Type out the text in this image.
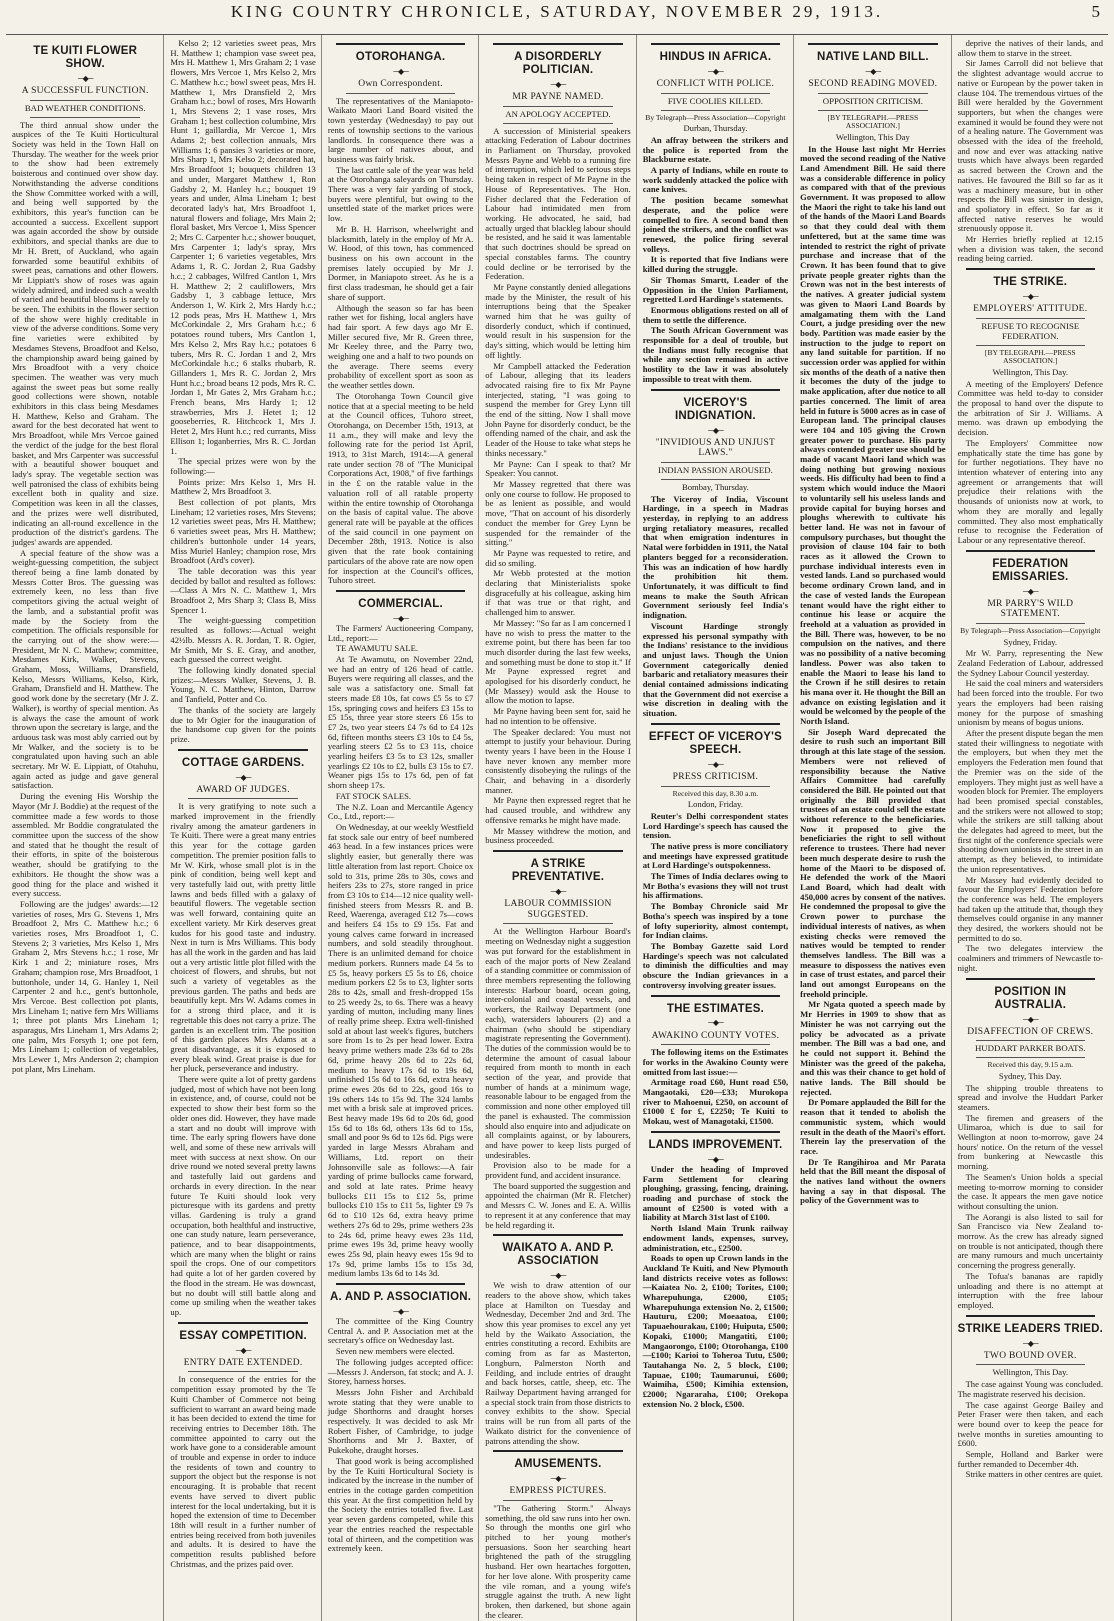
KING COUNTRY CHRONICLE, SATURDAY, NOVEMBER 29, 1913.	5
TE KUITI FLOWER SHOW.
─◆─
A SUCCESSFUL FUNCTION.
BAD WEATHER CONDITIONS.

The third annual show under the auspices of the Te Kuiti Horticultural Society was held in the Town Hall on Thursday. The weather for the week prior to the show had been extremely boisterous and continued over show day. Notwithstanding the adverse conditions the Show Committee worked with a will, and being well supported by the exhibitors, this year's function can be accounted a success. Excellent support was again accorded the show by outside exhibitors, and special thanks are due to Mr H. Brett, of Auckland, who again forwarded some beautiful exhibits of sweet peas, carnations and other flowers. Mr Lippiatt's show of roses was again widely admired, and indeed such a wealth of varied and beautiful blooms is rarely to be seen. The exhibits in the flower section of the show were highly creditable in view of the adverse conditions. Some very fine varieties were exhibited by Mesdames Stevens, Broadfoot and Kelso, the championship award being gained by Mrs Broadfoot with a very choice specimen. The weather was very much against the sweet peas but some really good collections were shown, notable exhibitors in this class being Mesdames H. Matthew, Kelso and Graham. The award for the best decorated hat went to Mrs Broadfoot, while Mrs Vercoe gained the verdict of the judge for the best floral basket, and Mrs Carpenter was successful with a beautiful shower bouquet and lady's spray. The vegetable section was well patronised the class of exhibits being excellent both in quality and size. Competition was keen in all the classes, and the prizes were well distributed, indicating an all-round excellence in the production of the district's gardens. The judges' awards are appended.

A special feature of the show was a weight-guessing competition, the subject thereof being a fine lamb donated by Messrs Cotter Bros. The guessing was extremely keen, no less than five competitors giving the actual weight of the lamb, and a substantial profit was made by the Society from the competition. The officials responsible for the carrying out of the show were:—President, Mr N. C. Matthew; committee, Mesdames Kirk, Walker, Stevens, Graham, Moss, Williams, Dransfield, Kelso, Messrs Williams, Kelso, Kirk, Graham, Dransfield and H. Matthew. The good work done by the secretary (Mr J. Z. Walker), is worthy of special mention. As is always the case the amount of work thrown upon the secretary is large, and the arduous task was most ably carried out by Mr Walker, and the society is to be congratulated upon having such an able secretary. Mr W. E. Lippiatt, of Otahuhu, again acted as judge and gave general satisfaction.

During the evening His Worship the Mayor (Mr J. Boddie) at the request of the committee made a few words to those assembled. Mr Boddie congratulated the committee upon the success of the show and stated that he thought the result of their efforts, in spite of the boisterous weather, should be gratifying to the exhibitors. He thought the show was a good thing for the place and wished it every success.

Following are the judges' awards:—12 varieties of roses, Mrs G. Stevens 1, Mrs Broadfoot 2, Mrs C. Matthew h.c.; 6 varieties roses, Mrs Broadfoot 1, C. Stevens 2; 3 varieties, Mrs Kelso 1, Mrs Graham 2, Mrs Stevens h.c.; 1 rose, Mr Kirk 1 and 2; miniature roses, Mrs Graham; champion rose, Mrs Broadfoot, 1 buttonhole, under 14, G. Hanley 1, Neil Carpenter 2 and h.c., gent's buttonhole, Mrs Vercoe. Best collection pot plants, Mrs Lineham 1; native fern Mrs Williams 1; three pot plants Mrs Lineham 1; asparagus, Mrs Lineham 1, Mrs Adams 2; one palm, Mrs Forsyth 1; one pot fern, Mrs Lineham 1; collection of vegetables, Mrs Lewer 1, Mrs Anderson 2; champion pot plant, Mrs Lineham.

Kelso 2; 12 varieties sweet peas, Mrs H. Matthew 1; champion vase sweet pea, Mrs H. Matthew 1, Mrs Graham 2; 1 vase flowers, Mrs Vercoe 1, Mrs Kelso 2, Mrs C. Matthew h.c.; bowl sweet peas, Mrs H. Matthew 1, Mrs Dransfield 2, Mrs Graham h.c.; bowl of roses, Mrs Howarth 1, Mrs Stevens 2; 1 vase roses, Mrs Graham 1; best collection columbine, Mrs Hunt 1; gaillardia, Mr Vercoe 1, Mrs Adams 2; best collection annuals, Mrs Williams 1; 6 pansies 3 varieties or more, Mrs Sharp 1, Mrs Kelso 2; decorated hat, Mrs Broadfoot 1; bouquets children 13 and under, Margaret Matthew 1, Ron Gadsby 2, M. Hanley h.c.; bouquet 19 years and under, Alma Lineham 1; best decorated lady's hat, Mrs Broadfoot 1, natural flowers and foliage, Mrs Main 2; floral basket, Mrs Vercoe 1, Miss Spencer 2; Mrs C. Carpenter h.c.; shower bouquet, Mrs Carpenter 1; lady's spray, Mrs Carpenter 1; 6 varieties vegetables, Mrs Adams 1, R. C. Jordan 2, Rua Gadsby h.c.; 2 cabbages, Wilfred Cantlon 1, Mrs H. Matthew 2; 2 cauliflowers, Mrs Gadsby 1, 3 cabbage lettuce, Mrs Anderson 1, W. Kirk 2, Mrs Hardy h.c.; 12 pods peas, Mrs H. Matthew 1, Mrs McCorkindale 2, Mrs Graham h.c.; 6 potatoes round tubers, Mrs Cantlon 1, Mrs Kelso 2, Mrs Ray h.c.; potatoes 6 tubers, Mrs R. C. Jordan 1 and 2, Mrs McCorkindale h.c.; 6 stalks rhubarb, R. Gillanders 1, Mrs R. C. Jordan 2, Mrs Hunt h.c.; broad beans 12 pods, Mrs R. C. Jordan 1, Mr Gates 2, Mrs Graham h.c.; French beans, Mrs Hardy 1; 12 strawberries, Mrs J. Hetet 1; 12 gooseberries, R. Hitchcock 1, Mrs J. Hetet 2, Mrs Hunt h.c.; red currants, Miss Ellison 1; loganberries, Mrs R. C. Jordan 1.

The special prizes were won by the following:—

Points prize: Mrs Kelso 1, Mrs H. Matthew 2, Mrs Broadfoot 3.

Best collection of pot plants, Mrs Lineham; 12 varieties roses, Mrs Stevens; 12 varieties sweet peas, Mrs H. Matthew; 6 varieties sweet peas, Mrs H. Matthew; children's buttonhole under 14 years, Miss Muriel Hanley; champion rose, Mrs Broadfoot (Ard's cover).

The table decoration was this year decided by ballot and resulted as follows:—Class A Mrs N. C. Matthew 1, Mrs Broadfoot 2, Mrs Sharp 3; Class B, Miss Spencer 1.

The weight-guessing competition resulted as follows:—Actual weight 42½lb. Messrs A. R. Jordan, T. R. Ogier, Mr Smith, Mr S. E. Gray, and another, each guessed the correct weight.

The following kindly donated special prizes:—Messrs Walker, Stevens, J. B. Young, N. C. Matthew, Hinton, Darrow and Tanfield, Potter and Co.

The thanks of the society are largely due to Mr Ogier for the inauguration of the handsome cup given for the points prize.

COTTAGE GARDENS.
─◆─
AWARD OF JUDGES.

It is very gratifying to note such a marked improvement in the friendly rivalry among the amateur gardeners in Te Kuiti. There were a great many entries this year for the cottage garden competition. The premier position falls to Mr W. Kirk, whose small plot is in the pink of condition, being well kept and very tastefully laid out, with pretty little lawns and beds filled with a galaxy of beautiful flowers. The vegetable section was well forward, containing quite an excellent variety. Mr Kirk deserves great kudos for his good taste and industry. Next in turn is Mrs Williams. This body has all the work in the garden and has laid out a very artistic little plot filled with the choicest of flowers, and shrubs, but not such a variety of vegetables as the previous garden. The paths and beds are beautifully kept. Mrs W. Adams comes in for a strong third place, and it is regrettable this does not carry a prize. The garden is an excellent trim. The position of this garden places Mrs Adams at a great disadvantage, as it is exposed to every bleak wind. Great praise is due for her pluck, perseverance and industry.

There were quite a lot of pretty gardens judged, most of which have not been long in existence, and, of course, could not be expected to show their best form so the older ones did. However, they have made a start and no doubt will improve with time. The early spring flowers have done well, and some of these new arrivals will meet with success at next show. On our drive round we noted several pretty lawns and tastefully laid out gardens and orchards in every direction. In the near future Te Kuiti should look very picturesque with its gardens and pretty villas. Gardening is truly a grand occupation, both healthful and instructive, one can study nature, learn perseverance, patience, and to bear disappointments, which are many when the blight or rains spoil the crops. One of our competitors had quite a lot of her garden covered by the flood in the stream. He was downcast, but no doubt will still battle along and come up smiling when the weather takes up.

ESSAY COMPETITION.
─◆─
ENTRY DATE EXTENDED.

In consequence of the entries for the competition essay promoted by the Te Kuiti Chamber of Commerce not being sufficient to warrant an award being made it has been decided to extend the time for receiving entries to December 18th. The committee appointed to carry out the work have gone to a considerable amount of trouble and expense in order to induce the residents of town and country to support the object but the response is not encouraging. It is probable that recent events have served to divert public interest for the local undertaking, but it is hoped the extension of time to December 18th will result in a further number of entries being received from both juveniles and adults. It is desired to have the competition results published before Christmas, and the prizes paid over.

OTOROHANGA.
─◆─
Own Correspondent.

The representatives of the Maniapoto-Waikato Maori Land Board visited the town yesterday (Wednesday) to pay out rents of township sections to the various landlords. In consequence there was a large number of natives about, and business was fairly brisk.

The last cattle sale of the year was held at the Otorohanga saleyards on Thursday. There was a very fair yarding of stock, buyers were plentiful, but owing to the unsettled state of the market prices were low.

Mr B. H. Harrison, wheelwright and blacksmith, lately in the employ of Mr A. W. Hood, of this town, has commenced business on his own account in the premises lately occupied by Mr J. Dormer, in Maniapoto street. As he is a first class tradesman, he should get a fair share of support.

Although the season so far has been rather wet for fishing, local anglers have had fair sport. A few days ago Mr E. Miller secured five, Mr R. Green three, Mr Keeley three, and the Parry two, weighing one and a half to two pounds on the average. There seems every probability of excellent sport as soon as the weather settles down.

The Otorohanga Town Council give notice that at a special meeting to be held at the Council offices, Tuhoro street, Otorohanga, on December 15th, 1913, at 11 a.m., they will make and levy the following rate for the period 1st April, 1913, to 31st March, 1914:—A general rate under section 78 of "The Municipal Corporations Act, 1908," of five farthings in the £ on the ratable value in the valuation roll of all ratable property within the entire township of Otorohanga on the basis of capital value. The above general rate will be payable at the offices of the said council in one payment on December 28th, 1913. Notice is also given that the rate book containing particulars of the above rate are now open for inspection at the Council's offices, Tuhoro street.

COMMERCIAL.
─◆─

The Farmers' Auctioneering Company, Ltd., report:—

TE AWAMUTU SALE.

At Te Awamutu, on November 22nd, we had an entry of 126 head of cattle. Buyers were requiring all classes, and the sale was a satisfactory one. Small fat steers made £8 10s, fat cows £5 5s to £7 15s, springing cows and heifers £3 15s to £5 15s, three year store steers £6 15s to £7 2s, two year steers £4 7s 6d to £4 12s 6d, fifteen months steers £3 10s to £4 5s, yearling steers £2 5s to £3 11s, choice yearling heifers £3 5s to £3 12s, smaller yearlings £2 10s to £2, bulls £3 15s to £7. Weaner pigs 15s to 17s 6d, pen of fat shorn sheep 17s.

FAT STOCK SALES.

The N.Z. Loan and Mercantile Agency Co., Ltd., report:—

On Wednesday, at our weekly Westfield fat stock sale our entry of beef numbered 463 head. In a few instances prices were slightly easier, but generally there was little alteration from last report. Choice ox sold to 31s, prime 28s to 30s, cows and heifers 23s to 27s, store ranged in price from £3 10s to £14—12 nice quality well-finished steers from Messrs R. and B. Reed, Waerenga, averaged £12 7s—cows and heifers £4 15s to £9 15s. Fat and young calves came forward in increased numbers, and sold steadily throughout. There is an unlimited demand for choice medium porkers. Runners made £4 5s to £5 5s, heavy porkers £5 5s to £6, choice medium porkers £2 5s to £3, lighter sorts 28s to 42s, small and fresh-dropped 15s to 25 weedy 2s, to 6s. There was a heavy yarding of mutton, including many lines of really prime sheep. Extra well-finished sold at about last week's figures, butchers sore from 1s to 2s per head lower. Extra heavy prime wethers made 23s 6d to 28s 6d, prime heavy 20s 6d to 22s 6d, medium to heavy 17s 6d to 19s 6d, unfinished 15s 6d to 16s 6d, extra heavy prime ewes 20s 6d to 22s, good 16s to 19s others 14s to 15s 9d. The 324 lambs met with a brisk sale at improved prices. Best heavy made 19s 6d to 20s 6d, good 15s 6d to 18s 6d, others 13s 6d to 15s, small and poor 9s 6d to 12s 6d. Pigs were yarded in large Messrs Abraham and Williams, Ltd. report on their Johnsonville sale as follows:—A fair yarding of prime bullocks came forward, and sold at late rates. Prime heavy bullocks £11 15s to £12 5s, prime bullocks £10 15s to £11 5s, lighter £9 7s 6d to £10 12s 6d, extra heavy prime wethers 27s 6d to 29s, prime wethers 23s to 24s 6d, prime heavy ewes 23s 11d, prime ewes 19s 3d, prime heavy woolly ewes 25s 9d, plain heavy ewes 15s 9d to 17s 9d, prime lambs 15s to 15s 3d, medium lambs 13s 6d to 14s 3d.

A. AND P. ASSOCIATION.
─◆─

The committee of the King Country Central A. and P. Association met at the secretary's office on Wednesday last.

Seven new members were elected.

The following judges accepted office:—Messrs J. Anderson, fat stock; and A. J. Storey, harness horses.

Messrs John Fisher and Archibald wrote stating that they were unable to judge Shorthorns and draught horses respectively. It was decided to ask Mr Robert Fisher, of Cambridge, to judge Shorthorns and Mr J. Baxter, of Pukekohe, draught horses.

That good work is being accomplished by the Te Kuiti Horticultural Society is indicated by the increase in the number of entries in the cottage garden competition this year. At the first competition held by the Society the entries totalled five. Last year seven gardens competed, while this year the entries reached the respectable total of thirteen, and the competition was extremely keen.

A DISORDERLY POLITICIAN.
─◆─
MR PAYNE NAMED.
AN APOLOGY ACCEPTED.

A succession of Ministerial speakers attacking Federation of Labour doctrines in Parliament on Thursday, provoked Messrs Payne and Webb to a running fire of interruption, which led to serious steps being taken in respect of Mr Payne in the House of Representatives. The Hon. Fisher declared that the Federation of Labour had intimidated men from working. He advocated, he said, had actually urged that blackleg labour should be resisted, and he said it was lamentable that such doctrines should be spread on special constables farms. The country could decline or be terrorised by the Federation.

Mr Payne constantly denied allegations made by the Minister, the result of his interruptions being that the Speaker warned him that he was guilty of disorderly conduct, which if continued, would result in his suspension for the day's sitting, which would be letting him off lightly.

Mr Campbell attacked the Federation of Labour, alleging that its leaders advocated raising fire to fix Mr Payne interjected, stating, "I was going to suspend the member for Grey Lynn till the end of the sitting. Now I shall move John Payne for disorderly conduct, be the offending named of the chair, and ask the Leader of the House to take what steps he thinks necessary."

Mr Payne: Can I speak to that? Mr Speaker: You cannot.

Mr Massey regretted that there was only one course to follow. He proposed to be as lenient as possible, and would move, "That on account of his disorderly conduct the member for Grey Lynn be suspended for the remainder of the sitting."

Mr Payne was requested to retire, and did so smiling.

Mr Webb protested at the motion declaring that Ministerialists spoke disgracefully at his colleague, asking him if that was true or that right, and challenged him to answer.

Mr Massey: "So far as I am concerned I have no wish to press the matter to the extreme point, but there has been far too much disorder during the last few weeks, and something must be done to stop it." If Mr Payne expressed regret and apologised for his disorderly conduct, he (Mr Massey) would ask the House to allow the motion to lapse.

Mr Payne having been sent for, said he had no intention to be offensive.

The Speaker declared: You must not attempt to justify your behaviour. During twenty years I have been in the House I have never known any member more consistently disobeying the rulings of the Chair, and behaving in a disorderly manner.

Mr Payne then expressed regret that he had caused trouble, and withdrew any offensive remarks he might have made.

Mr Massey withdrew the motion, and business proceeded.

A STRIKE PREVENTATIVE.
─◆─
LABOUR COMMISSION SUGGESTED.

At the Wellington Harbour Board's meeting on Wednesday night a suggestion was put forward for the establishment in each of the major ports of New Zealand of a standing committee or commission of three members representing the following interests: Harbour board, ocean going, inter-colonial and coastal vessels, and workers, the Railway Department (one each), watersiders labourers (2) and a chairman (who should be stipendiary magistrate representing the Government). The duties of the commission would be to determine the amount of casual labour required from month to month in each section of the year, and provide that number of hands at a minimum wage, reasonable labour to be engaged from the commission and none other employed till the panel is exhausted. The commission should also enquire into and adjudicate on all complaints against, or by labourers, and have power to keep lists purged of undesirables.

Provision also to be made for a provident fund, and accident insurance.

The board supported the suggestion and appointed the chairman (Mr R. Fletcher) and Messrs C. W. Jones and E. A. Willis to represent it at any conference that may be held regarding it.

WAIKATO A. AND P. ASSOCIATION
─◆─

We wish to draw attention of our readers to the above show, which takes place at Hamilton on Tuesday and Wednesday, December 2nd and 3rd. The show this year promises to excel any yet held by the Waikato Association, the entries constituting a record. Exhibits are coming from as far as Masterton, Longburn, Palmerston North and Feilding, and include entries of draught and back horses, cattle, sheep, etc. The Railway Department having arranged for a special stock train from those districts to convey exhibits to the show. Special trains will be run from all parts of the Waikato district for the convenience of patrons attending the show.

AMUSEMENTS.
─◆─
EMPRESS PICTURES.

"The Gathering Storm." Always something, the old saw runs into her own. So through the months one girl who pitched to her young mother's persuasions. Soon her searching heart brightened the path of the struggling husband. Her own heartaches forgotten, for her love alone. With prosperity came the vile roman, and a young wife's struggle against the truth. A new light broken, then darkened, but shone again the clearer.

HINDUS IN AFRICA.
─◆─
CONFLICT WITH POLICE.
FIVE COOLIES KILLED.
By Telegraph—Press Association—Copyright
Durban, Thursday.

An affray between the strikers and the police is reported from the Blackburne estate.

A party of Indians, while en route to work suddenly attacked the police with cane knives.

The position became somewhat desperate, and the police were compelled to fire. A second band then joined the strikers, and the conflict was renewed, the police firing several volleys.

It is reported that five Indians were killed during the struggle.

Sir Thomas Smartt, Leader of the Opposition in the Union Parliament, regretted Lord Hardinge's statements.

Enormous obligations rested on all of them to settle the difference.

The South African Government was responsible for a deal of trouble, but the Indians must fully recognise that while any section remained in active hostility to the law it was absolutely impossible to treat with them.

VICEROY'S INDIGNATION.
─◆─
"INVIDIOUS AND UNJUST LAWS."
INDIAN PASSION AROUSED.
Bombay, Thursday.

The Viceroy of India, Viscount Hardinge, in a speech in Madras yesterday, in replying to an address urging retaliatory measures, recalled that when emigration indentures in Natal were forbidden in 1911, the Natal planters begged for a reconsideration. This was an indication of how hardly the prohibition hit them. Unfortunately, it was difficult to find means to make the South African Government seriously feel India's indignation.

Viscount Hardinge strongly expressed his personal sympathy with the Indians' resistance to the invidious and unjust laws. Though the Union Government categorically denied barbaric and retaliatory measures their denial contained admissions indicating that the Government did not exercise a wise discretion in dealing with the situation.

EFFECT OF VICEROY'S SPEECH.
─◆─
PRESS CRITICISM.
Received this day, 8.30 a.m.
London, Friday.

Reuter's Delhi correspondent states Lord Hardinge's speech has caused the tension.

The native press is more conciliatory and meetings have expressed gratitude at Lord Hardinge's outspokenness.

The Times of India declares owing to Mr Botha's evasions they will not trust his affirmations.

The Bombay Chronicle said Mr Botha's speech was inspired by a tone of lofty superiority, almost contempt, for Indian claims.

The Bombay Gazette said Lord Hardinge's speech was not calculated to diminish the difficulties and may obscure the Indian grievances in a controversy involving greater issues.

THE ESTIMATES.
─◆─
AWAKINO COUNTY VOTES.

The following items on the Estimates for works in the Awakino County were omitted from last issue:—

Armitage road £60, Hunt road £50, Mangaotaki, £20—£33; Murokopa river to Mahoenui, £250, on account of £1000 £ for £, £2250; Te Kuiti to Mokau, west of Managotaki, £1500.

LANDS IMPROVEMENT.
─◆─

Under the heading of Improved Farm Settlement for clearing ploughing, grassing, fencing, draining, roading and purchase of stock the amount of £2500 is voted with a liability at March 31st last of £100.

North Island Main Trunk railway endowment lands, expenses, survey, administration, etc., £2500.

Roads to open up Crown lands in the Auckland Te Kuiti, and New Plymouth land districts receive votes as follows:—Kaiatea No. 2, £100; Torites, £100; Wharepuhunga, £2000, £105; Wharepuhunga extension No. 2, £1500; Hauturu, £200; Moeaatoa, £100; Tapuaehourakau, £100; Huiputa, £500; Kopaki, £1000; Mangatiti, £100; Mangaorongo, £100; Otorohanga, £100—£100; Karioi to Toheroa Tutu, £500; Tautahanga No. 2, 5 block, £100; Tapuae, £100; Taumarunui, £600; Waimiha, £500; Kimihia extension, £2000; Ngararaha, £100; Orekopa extension No. 2 block, £500.

NATIVE LAND BILL.
─◆─
SECOND READING MOVED.
OPPOSITION CRITICISM.
[BY TELEGRAPH.—PRESS ASSOCIATION.]
Wellington, This Day

In the House last night Mr Herries moved the second reading of the Native Land Amendment Bill. He said there was a considerable difference in policy as compared with that of the previous Government. It was proposed to allow the Maori the right to take his land out of the hands of the Maori Land Boards so that they could deal with them unfettered, but at the same time was intended to restrict the right of private purchase and increase that of the Crown. It has been found that to give private people greater rights than the Crown was not in the best interests of the natives. A greater judicial system was given to Maori Land Boards by amalgamating them with the Land Court, a judge presiding over the new body. Partition was made easier by the instruction to the judge to report on any land suitable for partition. If no succession order was applied for within six months of the death of a native then it becomes the duty of the judge to make application, after due notice to all parties concerned. The limit of area held in future is 5000 acres as in case of European land. The principal clauses were 104 and 105 giving the Crown greater power to purchase. His party always contended greater use should be made of vacant Maori land which was doing nothing but growing noxious weeds. His difficulty had been to find a system which would induce the Maori to voluntarily sell his useless lands and provide capital for buying horses and ploughs wherewith to cultivate his better land. He was not in favour of compulsory purchases, but thought the provision of clause 104 fair to both races as it allowed the Crown to purchase individual interests even in vested lands. Land so purchased would become ordinary Crown land, and in the case of vested lands the European tenant would have the right either to continue his lease or acquire the freehold at a valuation as provided in the Bill. There was, however, to be no compulsion on the natives, and there was no possibility of a native becoming landless. Power was also taken to enable the Maori to lease his land to the Crown if he still desires to retain his mana over it. He thought the Bill an advance on existing legislation and it would be welcomed by the people of the North Island.

Sir Joseph Ward deprecated the desire to rush such an important Bill through at this late stage of the session. Members were not relieved of responsibility because the Native Affairs Committee had carefully considered the Bill. He pointed out that originally the Bill provided that trustees of an estate could sell the estate without reference to the beneficiaries. Now it proposed to give the beneficiaries the right to sell without reference to trustees. There had never been much desperate desire to rush the home of the Maori to be disposed of. He defended the work of the Maori Land Board, which had dealt with 450,000 acres by consent of the natives. He condemned the proposal to give the Crown power to purchase the individual interests of natives, as when existing checks were removed the natives would be tempted to render themselves landless. The Bill was a measure to dispossess the natives even in case of trust estates, and parcel their land out amongst Europeans on the freehold principle.

Mr Ngata quoted a speech made by Mr Herries in 1909 to show that as Minister he was not carrying out the policy be advocated as a private member. The Bill was a bad one, and he could not support it. Behind the Minister was the greed of the pakeha, and this was their chance to get hold of native lands. The Bill should be rejected.

Dr Pomare applauded the Bill for the reason that it tended to abolish the communistic system, which would result in the death of the Maori's effort. Therein lay the preservation of the race.

Dr Te Rangihiroa and Mr Parata held that the Bill meant the disposal of the natives land without the owners having a say in that disposal. The policy of the Government was to

deprive the natives of their lands, and allow them to starve in the street.

Sir James Carroll did not believe that the slightest advantage would accrue to native or European by the power taken in clause 104. The tremendous virtues of the Bill were heralded by the Government supporters, but when the changes were examined it would be found they were not of a healing nature. The Government was obsessed with the idea of the freehold, and now and ever was attacking native trusts which have always been regarded as sacred between the Crown and the natives. He favoured the Bill so far as it was a machinery measure, but in other respects the Bill was sinister in design, and spoliatory in effect. So far as it affected native reserves he would strenuously oppose it.

Mr Herries briefly replied at 12.15 when a division was taken, the second reading being carried.

THE STRIKE.
─◆─
EMPLOYERS' ATTITUDE.
REFUSE TO RECOGNISE FEDERATION.
[BY TELEGRAPH.—PRESS ASSOCIATION.]
Wellington, This Day.

A meeting of the Employers' Defence Committee was held to-day to consider the proposal to hand over the dispute to the arbitration of Sir J. Williams. A memo. was drawn up embodying the decision.

The Employers' Committee now emphatically state the time has gone by for further negotiations. They have no intention whatever of entering into any agreement or arrangements that will prejudice their relations with the thousands of unionists now at work, to whom they are morally and legally committed. They also most emphatically refuse to recognise the Federation of Labour or any representative thereof.

FEDERATION EMISSARIES.
─◆─
MR PARRY'S WILD STATEMENT.
By Telegraph—Press Association—Copyright
Sydney, Friday.

Mr W. Parry, representing the New Zealand Federation of Labour, addressed the Sydney Labour Council yesterday.

He said the coal miners and watersiders had been forced into the trouble. For two years the employers had been raising money for the purpose of smashing unionism by means of bogus unions.

After the present dispute began the men stated their willingness to negotiate with the employers, but when they met the employers the Federation men found that the Premier was on the side of the employers. They might just as well have a wooden block for Premier. The employers had been promised special constables, and the strikers were not allowed to stop; while the strikers are still talking about the delegates had agreed to meet, but the first night of the conference specials were shooting down unionists in the street in an attempt, as they believed, to intimidate the union representatives.

Mr Massey had evidently decided to favour the Employers' Federation before the conference was held. The employers had taken up the attitude that, though they themselves could organise in any manner they desired, the workers should not be permitted to do so.

The two delegates interview the coalminers and trimmers of Newcastle to-night.

POSITION IN AUSTRALIA.
─◆─
DISAFFECTION OF CREWS.
HUDDART PARKER BOATS.
Received this day, 9.15 a.m.
Sydney, This Day.

The shipping trouble threatens to spread and involve the Huddart Parker steamers.

The firemen and greasers of the Ulimaroa, which is due to sail for Wellington at noon to-morrow, gave 24 hours' notice. On the return of the vessel from bunkering at Newcastle this morning.

The Seamen's Union holds a special meeting to-morrow morning to consider the case. It appears the men gave notice without consulting the union.

The Aorangi is also listed to sail for San Francisco via New Zealand to-morrow. As the crew has already signed on trouble is not anticipated, though there are many rumours and much uncertainty concerning the progress generally.

The Tofua's bananas are rapidly unloading and there is no attempt at interruption with the free labour employed.

STRIKE LEADERS TRIED.
─◆─
TWO BOUND OVER.
Wellington, This Day.

The case against Young was concluded. The magistrate reserved his decision.

The case against George Bailey and Peter Fraser were then taken, and each were bound over to keep the peace for twelve months in sureties amounting to £600.

Semple, Holland and Barker were further remanded to December 4th.

Strike matters in other centres are quiet.
